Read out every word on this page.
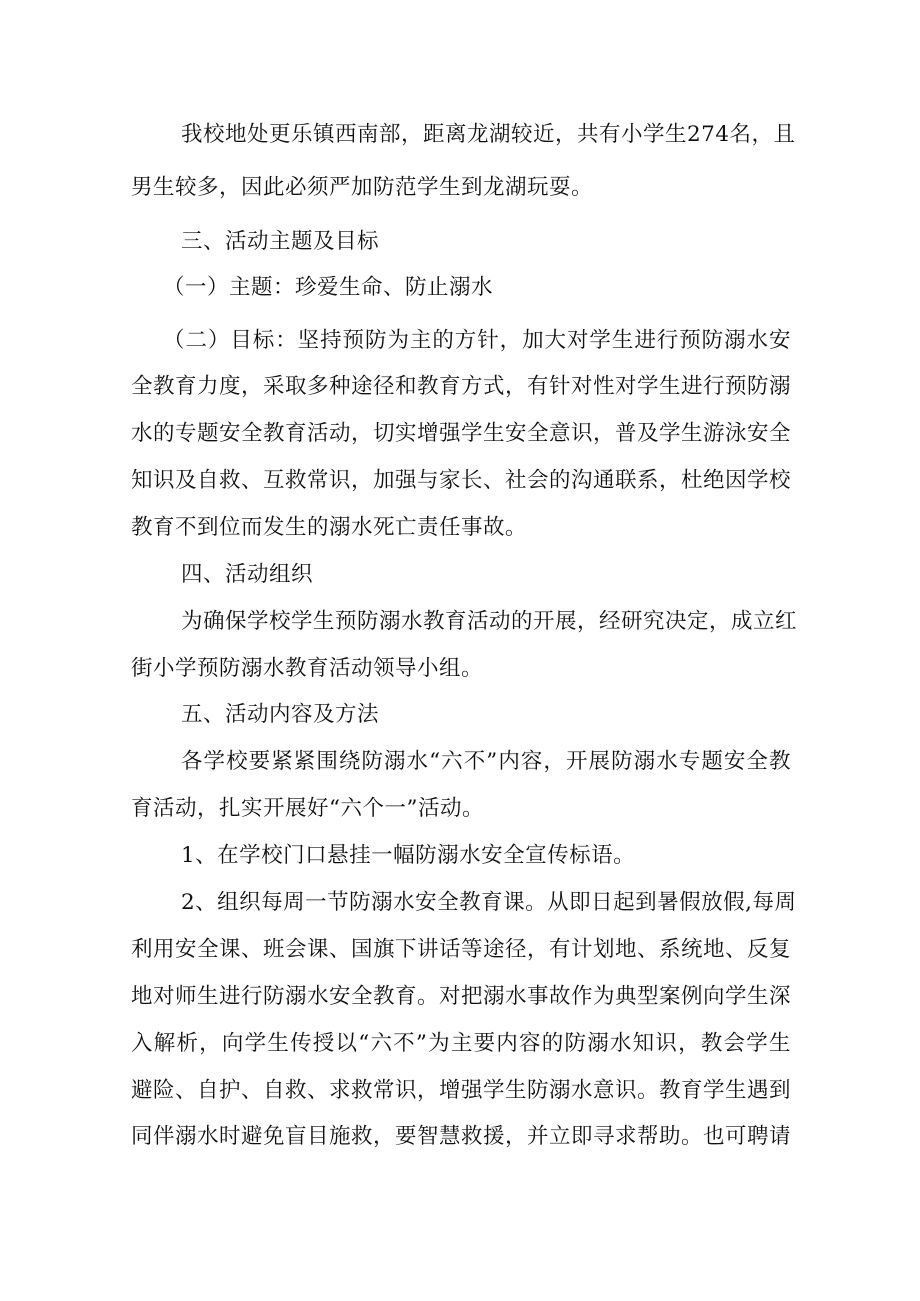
我校地处更乐镇西南部，距离龙湖较近，共有小学生274名，且
男生较多，因此必须严加防范学生到龙湖玩耍。
三、活动主题及目标
（一）主题：珍爱生命、防止溺水
（二）目标：坚持预防为主的方针，加大对学生进行预防溺水安
全教育力度，采取多种途径和教育方式，有针对性对学生进行预防溺
水的专题安全教育活动，切实增强学生安全意识，普及学生游泳安全
知识及自救、互救常识，加强与家长、社会的沟通联系，杜绝因学校
教育不到位而发生的溺水死亡责任事故。
四、活动组织
为确保学校学生预防溺水教育活动的开展，经研究决定，成立红
街小学预防溺水教育活动领导小组。
五、活动内容及方法
各学校要紧紧围绕防溺水“六不”内容，开展防溺水专题安全教
育活动，扎实开展好“六个一”活动。
1、在学校门口悬挂一幅防溺水安全宣传标语。
2、组织每周一节防溺水安全教育课。从即日起到暑假放假,每周
利用安全课、班会课、国旗下讲话等途径，有计划地、系统地、反复
地对师生进行防溺水安全教育。对把溺水事故作为典型案例向学生深
入解析，向学生传授以“六不”为主要内容的防溺水知识，教会学生
避险、自护、自救、求救常识，增强学生防溺水意识。教育学生遇到
同伴溺水时避免盲目施救，要智慧救援，并立即寻求帮助。也可聘请
